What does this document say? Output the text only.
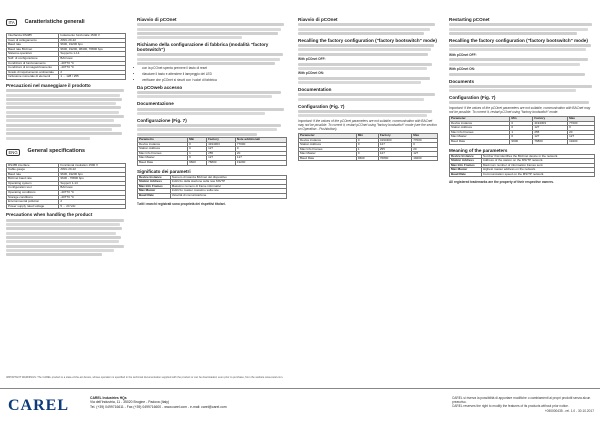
ITA Caratteristiche generali
Interfaccia RS485	Isolamento funzionale 1500 V
Cavo di collegamento	AWG 20-22
Baud rate	9600, 19200 bps
Baud rate BACnet	9600, 19200, 38400, 76800 bps
Sistema operativo	Supporto 1-14
Suff. di configurazione	BACview
Condizioni di funzionamento	-40T70 °C
Condizioni di immagazzinamento	-40T70 °C
Grado di inquinamento ambientale	2
Inclusione numerale di elementi	1 ... 128 / 255
Precauzioni nel maneggiare il prodotto
ENG General specifications
RS485 interface	Functional insulation 1500 V
Cable gauge	AWG 20-22
Baud rate	9600, 19200 bps
BACnet baud rate	9600 - 76800 bps
Operating system	Support 1-14
Configuration tool	BACview
Operating conditions	-40T70 °C
Storage conditions	-40T70 °C
Environmental pollution	2
Power supply rated voltage	5 ... 24 Vdc
Precautions when handling the product
Riavvio di pCOnet
Richiamo della configurazione di fabbrica (modalità "factory bootswitch")
• con la pCOnet spenta premere il tasto di reset
• rilasciare il tasto e attendere il lampeggio del LED
• verificare che pCOnet si riavvii con i valori di fabbrica
Da pCOweb accesso
Documentazione
Configurazione (Fig. 7)
Parametro	Min	Factory	Note addizionali
Device instance	0	4194303	77000
Station Address	0	127	0
Max Info Frames	1	255	20
Max Master	0	127	127
Baud Rate	9600	76800	19200
Significato dei parametri
Device Instance	Numero di istanza BACnet del dispositivo
Station Address	Indirizzo della stazione sulla rete MS/TP
Max Info Frames	Massimo numero di frame informativi
Max Master	Indirizzo master massimo sulla rete
Baud Rate	Velocità di comunicazione

Tutti i marchi registrati sono proprietà dei rispettivi titolari.

Riavvio di pCOnet
Recalling the factory configuration ("factory bootswitch" mode)

With pCOnet OFF:

With pCOnet ON:

Documentation
Configuration (Fig. 7)

Important: if the values of the pCOnet parameters are not suitable, communication with BACnet may not be possible. To correct it, restart pCOnet using "factory bootswitch" mode (see the section on Operation - Pushbutton).

Parameter	Min	Factory	Max
Device instance	0	4194303	77000
Station Address	0	127	0
Max Info Frames	1	255	20
Max Master	0	127	127
Baud Rate	9600	76800	19200
Restarting pCOnet
Recalling the factory configuration ("factory bootswitch" mode)

With pCOnet OFF:

With pCOnet ON:

Documents
Configuration (Fig. 7)

Important: if the values of the pCOnet parameters are not suitable, communication with BACnet may not be possible. To correct it, restart pCOnet using "factory bootswitch" mode.

Parameter	Min	Factory	Max
Device instance	0	4194303	77000
Station Address	0	127	0
Max Info Frames	1	255	20
Max Master	0	127	127
Baud Rate	9600	76800	19200
Meaning of the parameters
Device Instance	Number that identifies the BACnet device in the network.
Station Address	Address of the station on the MS/TP network.
Max Info Frames	Maximum number of information frames sent.
Max Master	Highest master address on the network.
Baud Rate	Communication speed on the MS/TP network.

All registered trademarks are the property of their respective owners.

IMPORTANT WARNINGS: The CAREL product is a state-of-the-art device, whose operation is specified in the technical documentation supplied with the product or can be downloaded, even prior to purchase, from the website www.carel.com.

CAREL	CAREL Industries HQs

Via dell'Industria, 11 - 35020 Brugine - Padova (Italy)

Tel. (+39) 0499716611 - Fax (+39) 0499716600 - www.carel.com - e-mail: carel@carel.com

CAREL si riserva la possibilità di apportare modifiche o cambiamenti ai propri prodotti senza alcun preavviso.

CAREL reserves the right to modify the features of its products without prior notice.

+050000435 - rel. 1.0 - 30.10.2017
